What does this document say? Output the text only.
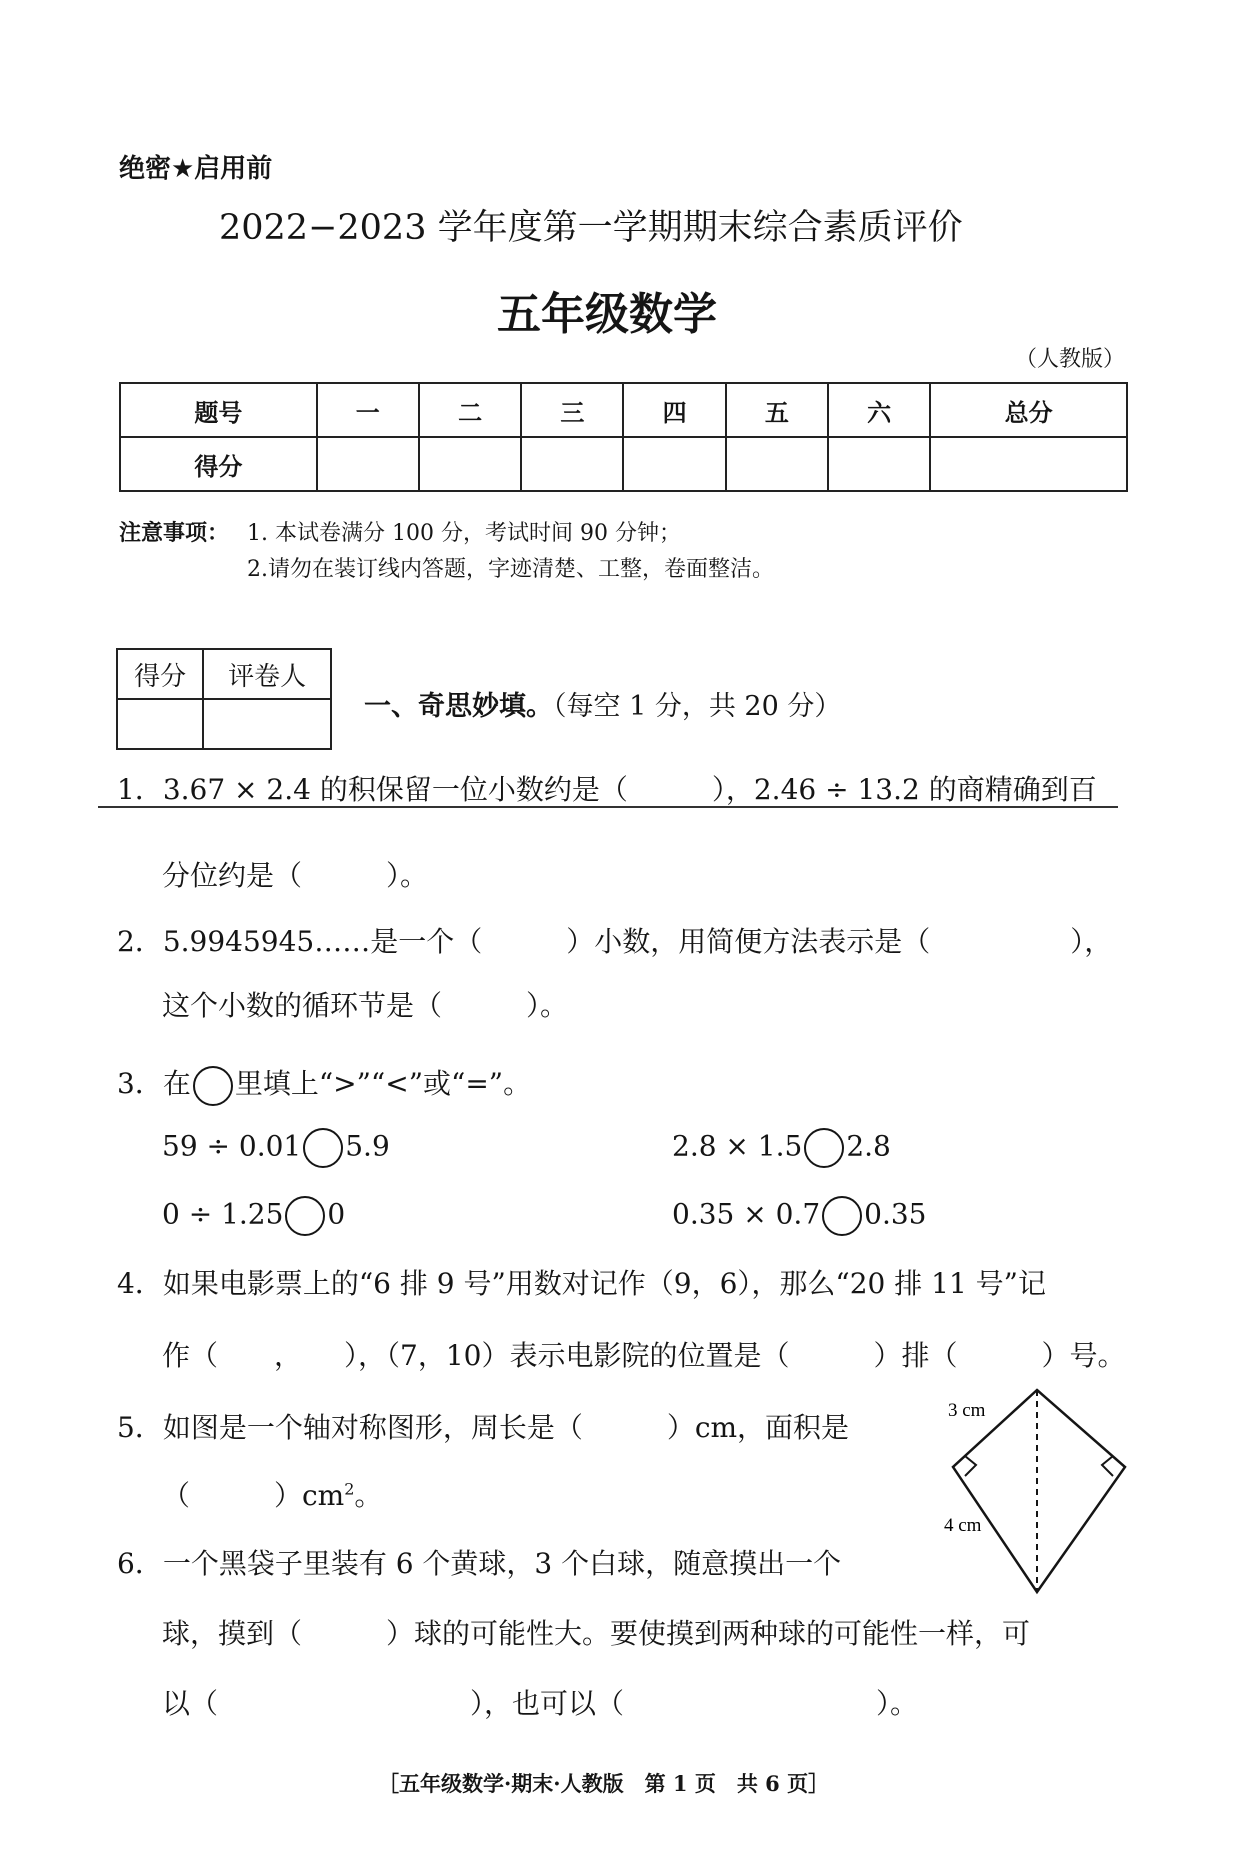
绝密★启用前
2022−2023 学年度第一学期期末综合素质评价
五年级数学
（人教版）
题号	一	二	三	四	五	六	总分
得分							
注意事项： 1. 本试卷满分 100 分，考试时间 90 分钟；
2.请勿在装订线内答题，字迹清楚、工整，卷面整洁。
得分	评卷人

一、奇思妙填。（每空 1 分，共 20 分）
1．3.67 × 2.4 的积保留一位小数约是（　　　），2.46 ÷ 13.2 的商精确到百
分位约是（　　　）。
2．5.9945945……是一个（　　　）小数，用简便方法表示是（　　　　　），
这个小数的循环节是（　　　）。
3．在 里填上“>”“<”或“=”。
59 ÷ 0.01 5.9	2.8 × 1.5 2.8
0 ÷ 1.25 0	0.35 × 0.7 0.35
4．如果电影票上的“6 排 9 号”用数对记作（9，6），那么“20 排 11 号”记
作（　　，　　），（7，10）表示电影院的位置是（　　　）排（　　　）号。
5．如图是一个轴对称图形，周长是（　　　）cm，面积是
（　　　）$cm^2$。
3 cm
4 cm
6．一个黑袋子里装有 6 个黄球，3 个白球，随意摸出一个
球，摸到（　　　）球的可能性大。要使摸到两种球的可能性一样，可
以（　　　　　　　　　），也可以（　　　　　　　　　）。
［五年级数学·期末·人教版　第 1 页　共 6 页］
